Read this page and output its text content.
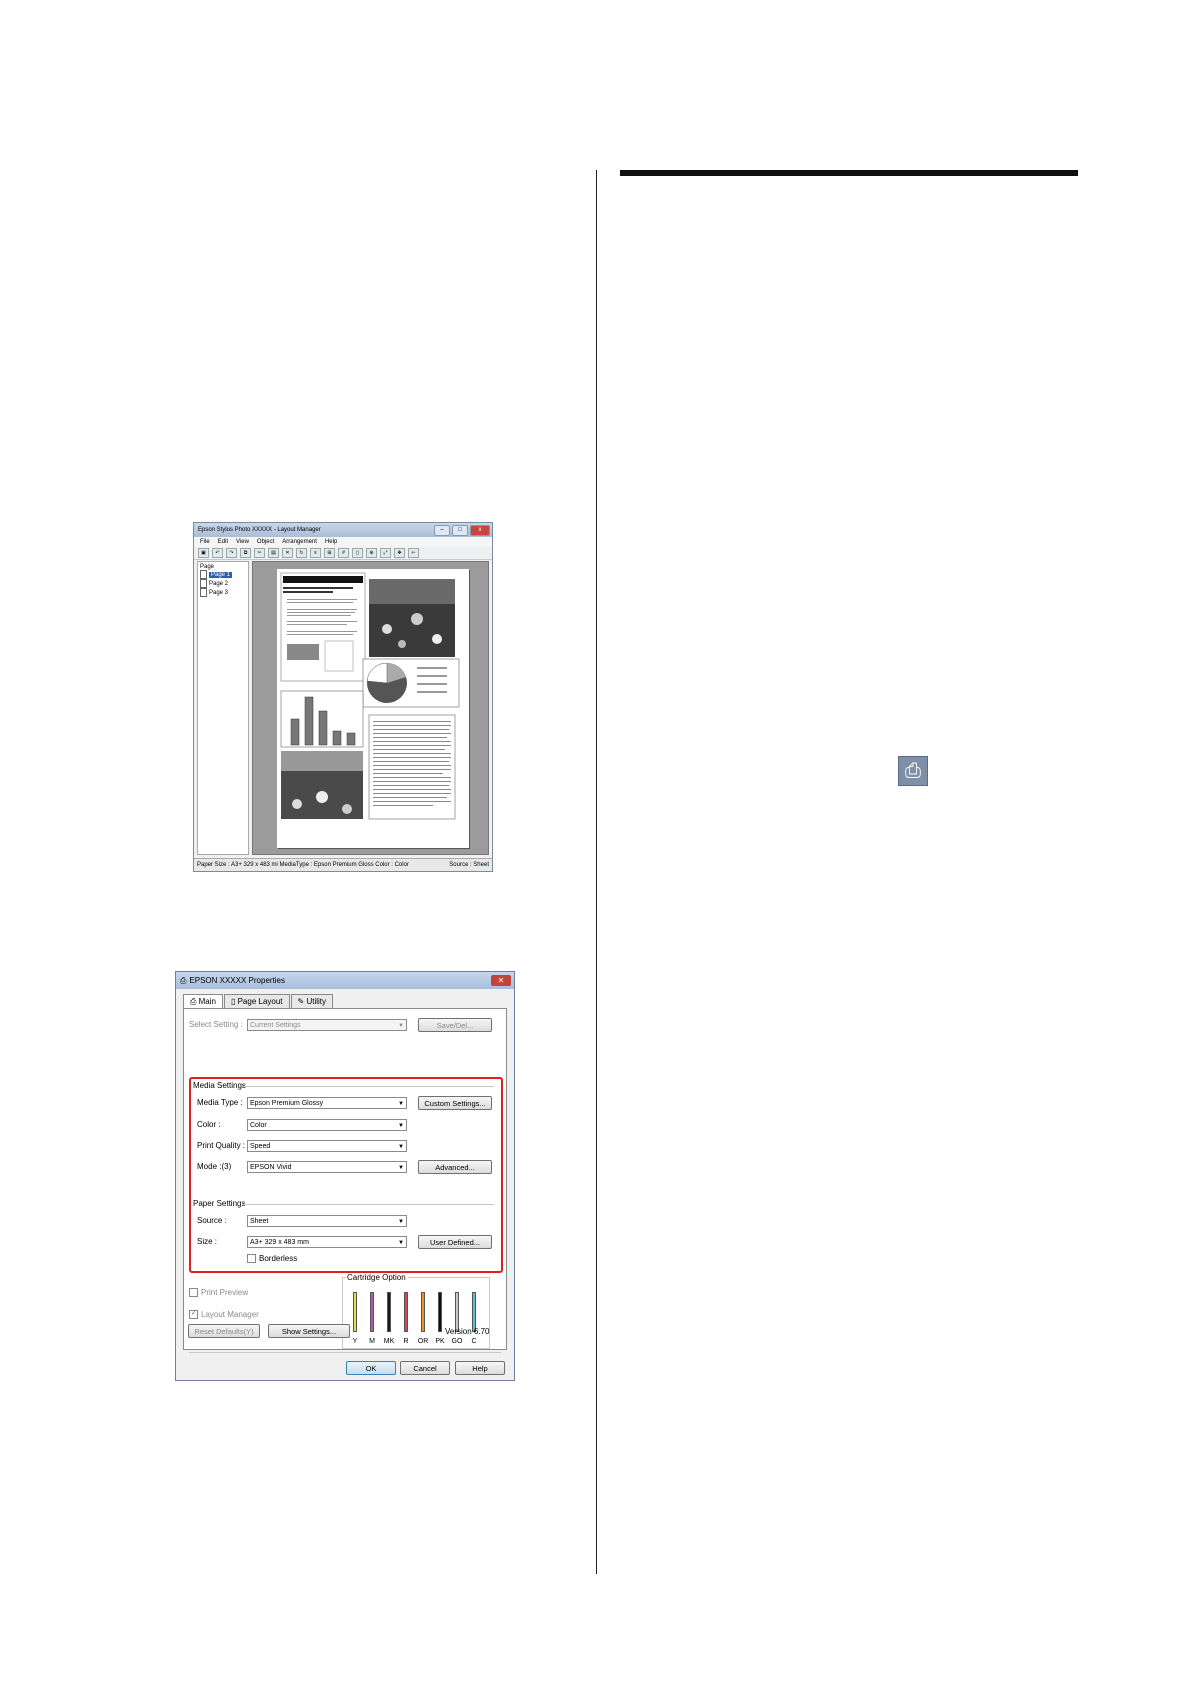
⎙
Epson Stylus Photo XXXXX - Layout Manager	–	□	x
File Edit View Object Arrangement Help
▣	↶	↷	⧉	✂	▤	✕	↻	≡	⊞	#	▯	⊕	⤢	✥	⇐
Page
Page 1
Page 2
Page 3
Paper Size : A3+ 329 x 483 mi MediaType : Epson Premium Gloss Color : Color	Source : Sheet
⎙ EPSON XXXXX Properties	✕
⎙ Main	▯ Page Layout	✎ Utility
Select Setting :	Current Settings	▼	Save/Del...
Media Settings
Media Type :	Epson Premium Glossy	▼	Custom Settings...
Color :	Color	▼
Print Quality : Speed	▼
Mode :(3)	EPSON Vivid	▼	Advanced...
Paper Settings
Source :	Sheet	▼
Size :	A3+ 329 x 483 mm	▼	User Defined...
Borderless
Print Preview
✓ Layout Manager
Cartridge Option
Y	M	MK	R	OR	PK GO	C
Reset Defaults(Y)	Show Settings...	Version 6.70
OK	Cancel	Help
